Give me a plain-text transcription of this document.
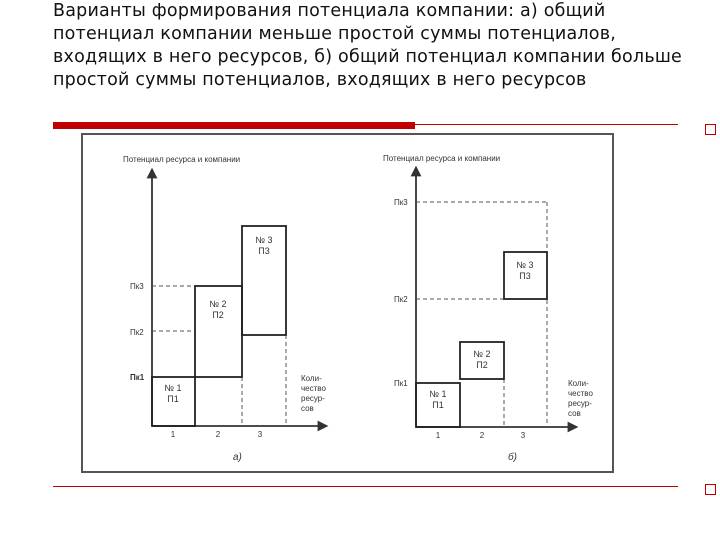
Варианты формирования потенциала компании: а) общий потенциал компании меньше простой суммы потенциалов, входящих в него ресурсов, б) общий потенциал компании больше простой суммы потенциалов, входящих в него ресурсов

Потенциал ресурса и компании
Пк3
Пк2
Пк1
№ 1
П1
№ 2
П2
№ 3
П3
Коли-
чество
ресур-
сов
1	2	3
а)
Потенциал ресурса и компании
Пк3
Пк2
Пк1
№ 1
П1
№ 2
П2
№ 3
П3
Коли-
чество
ресур-
сов
1	2	3
б)
